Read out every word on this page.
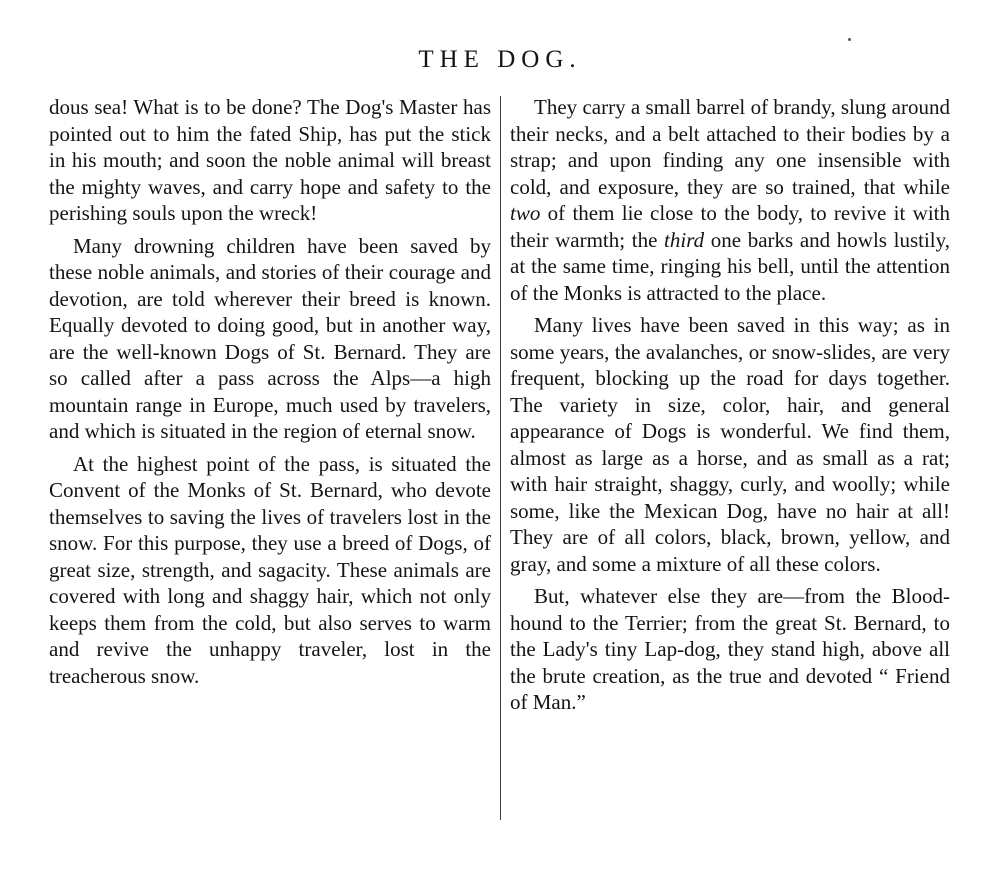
THE DOG.

dous sea! What is to be done? The Dog's Master has pointed out to him the fated Ship, has put the stick in his mouth; and soon the noble animal will breast the mighty waves, and carry hope and safety to the perishing souls upon the wreck!

Many drowning children have been saved by these noble animals, and stories of their courage and devotion, are told wherever their breed is known. Equally devoted to doing good, but in another way, are the well-known Dogs of St. Bernard. They are so called after a pass across the Alps—a high mountain range in Europe, much used by travelers, and which is situated in the region of eternal snow.

At the highest point of the pass, is situated the Convent of the Monks of St. Bernard, who devote themselves to saving the lives of travelers lost in the snow. For this purpose, they use a breed of Dogs, of great size, strength, and sagacity. These animals are covered with long and shaggy hair, which not only keeps them from the cold, but also serves to warm and revive the unhappy traveler, lost in the treacherous snow.

They carry a small barrel of brandy, slung around their necks, and a belt attached to their bodies by a strap; and upon finding any one insensible with cold, and exposure, they are so trained, that while two of them lie close to the body, to revive it with their warmth; the third one barks and howls lustily, at the same time, ringing his bell, until the attention of the Monks is attracted to the place.

Many lives have been saved in this way; as in some years, the avalanches, or snow-slides, are very frequent, blocking up the road for days together. The variety in size, color, hair, and general appearance of Dogs is wonderful. We find them, almost as large as a horse, and as small as a rat; with hair straight, shaggy, curly, and woolly; while some, like the Mexican Dog, have no hair at all! They are of all colors, black, brown, yellow, and gray, and some a mixture of all these colors.

But, whatever else they are—from the Blood-hound to the Terrier; from the great St. Bernard, to the Lady's tiny Lap-dog, they stand high, above all the brute creation, as the true and devoted “ Friend of Man.”
